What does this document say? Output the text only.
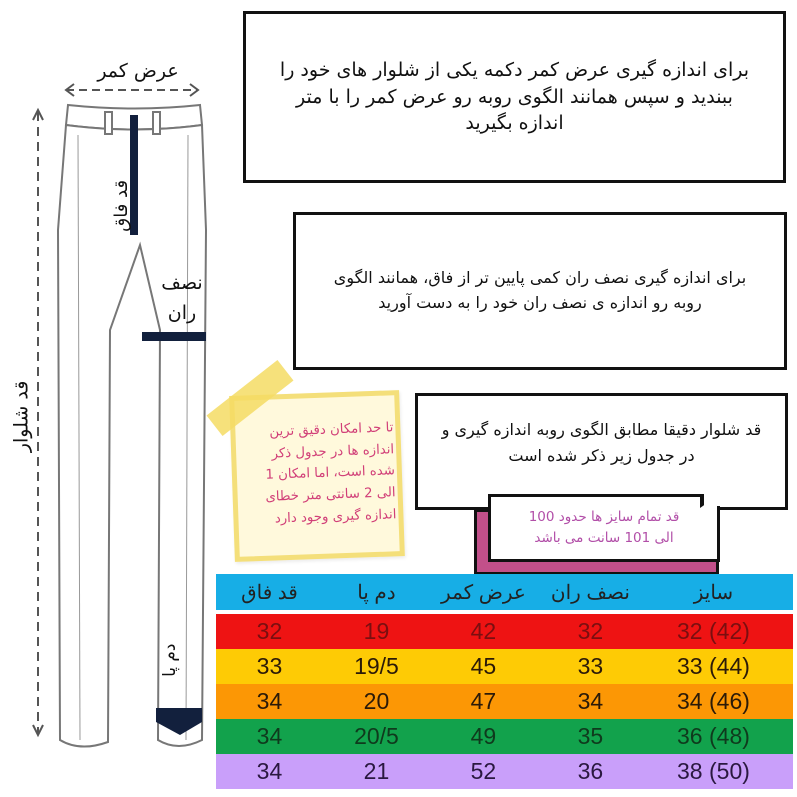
عرض کمر
قد فاق
نصف
ران
قد شلوار
دم پا
برای اندازه گیری عرض کمر دکمه یکی از شلوار های خود را ببندید و سپس همانند الگوی روبه رو عرض کمر را با متر اندازه بگیرید
برای اندازه گیری نصف ران کمی پایین تر از فاق، همانند الگوی روبه رو اندازه ی نصف ران خود را به دست آورید
قد شلوار دقیقا مطابق الگوی روبه اندازه گیری و در جدول زیر ذکر شده است
قد تمام سایز ها حدود 100
الی 101 سانت می باشد
تا حد امکان دقیق ترین اندازه ها در جدول ذکر شده است، اما امکان 1 الی 2 سانتی متر خطای اندازه گیری وجود دارد
سایز
نصف ران
عرض کمر
دم پا
قد فاق
32 (42)
32
42
19
32
33 (44)
33
45
19/5
33
34 (46)
34
47
20
34
36 (48)
35
49
20/5
34
38 (50)
36
52
21
34
